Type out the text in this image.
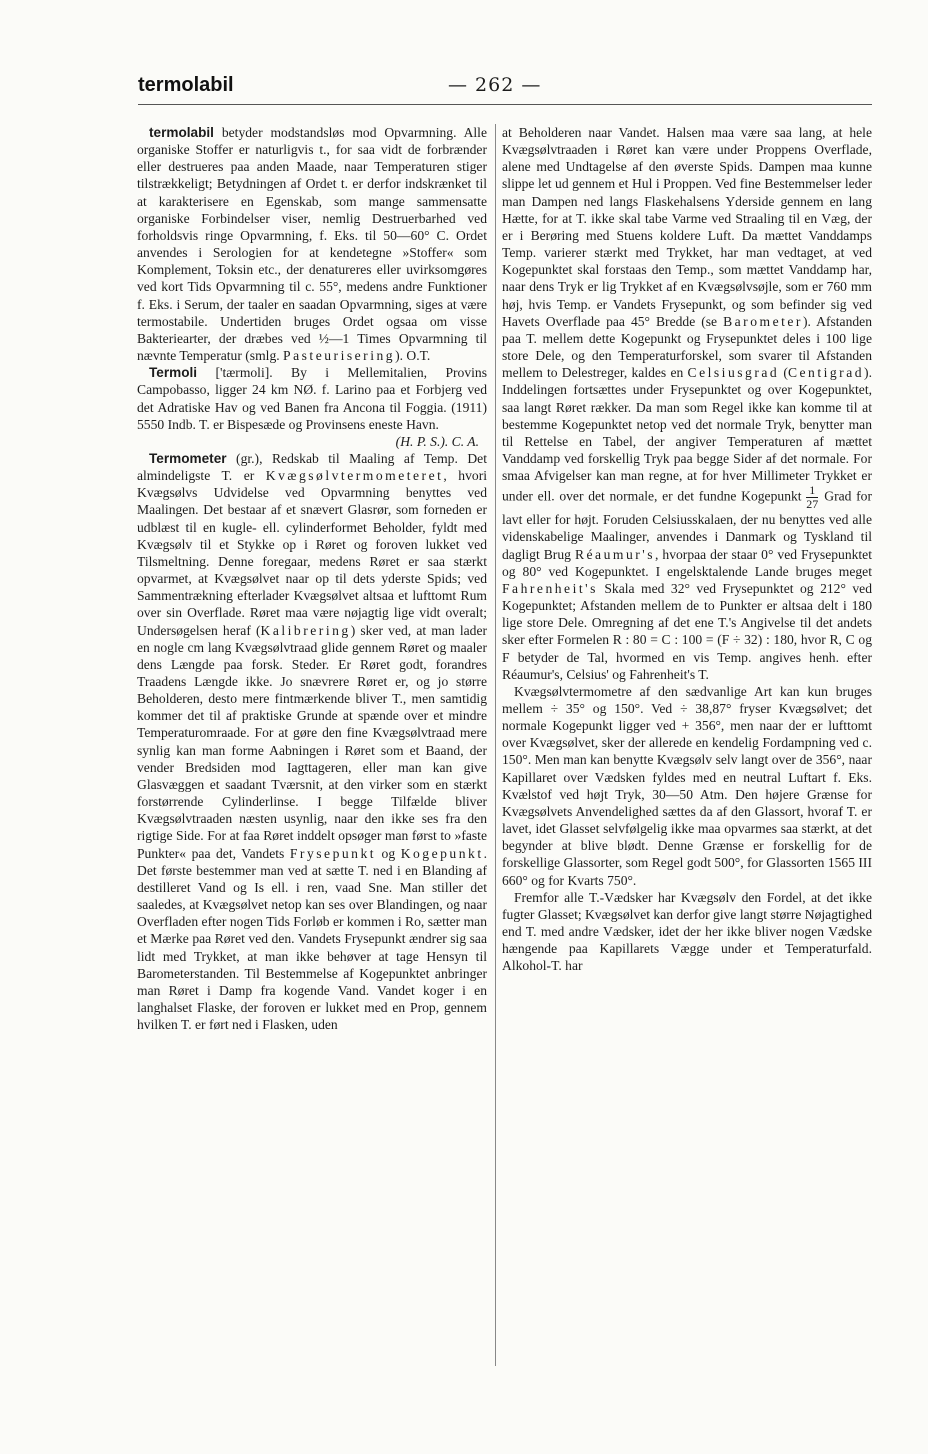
termolabil	— 262 —

termolabil betyder modstandsløs mod Opvarmning. Alle organiske Stoffer er naturligvis t., for saa vidt de forbrænder eller destrueres paa anden Maade, naar Temperaturen stiger tilstrækkeligt; Betydningen af Ordet t. er derfor indskrænket til at karakterisere en Egenskab, som mange sammensatte organiske Forbindelser viser, nemlig Destruerbarhed ved forholdsvis ringe Opvarmning, f. Eks. til 50—60° C. Ordet anvendes i Serologien for at kendetegne »Stoffer« som Komplement, Toksin etc., der denatureres eller uvirksomgøres ved kort Tids Opvarmning til c. 55°, medens andre Funktioner f. Eks. i Serum, der taaler en saadan Opvarmning, siges at være termostabile. Undertiden bruges Ordet ogsaa om visse Bakteriearter, der dræbes ved ½—1 Times Opvarmning til nævnte Temperatur (smlg. Pasteurisering). O.T.

Termoli ['tærmoli]. By i Mellemitalien, Provins Campobasso, ligger 24 km NØ. f. Larino paa et Forbjerg ved det Adratiske Hav og ved Banen fra Ancona til Foggia. (1911) 5550 Indb. T. er Bispesæde og Provinsens eneste Havn.

(H. P. S.). C. A.

Termometer (gr.), Redskab til Maaling af Temp. Det almindeligste T. er Kvægsølvtermometeret, hvori Kvægsølvs Udvidelse ved Opvarmning benyttes ved Maalingen. Det bestaar af et snævert Glasrør, som forneden er udblæst til en kugle- ell. cylinderformet Beholder, fyldt med Kvægsølv til et Stykke op i Røret og foroven lukket ved Tilsmeltning. Denne foregaar, medens Røret er saa stærkt opvarmet, at Kvægsølvet naar op til dets yderste Spids; ved Sammentrækning efterlader Kvægsølvet altsaa et lufttomt Rum over sin Overflade. Røret maa være nøjagtig lige vidt overalt; Undersøgelsen heraf (Kalibrering) sker ved, at man lader en nogle cm lang Kvægsølvtraad glide gennem Røret og maaler dens Længde paa forsk. Steder. Er Røret godt, forandres Traadens Længde ikke. Jo snævrere Røret er, og jo større Beholderen, desto mere fintmærkende bliver T., men samtidig kommer det til af praktiske Grunde at spænde over et mindre Temperaturomraade. For at gøre den fine Kvægsølvtraad mere synlig kan man forme Aabningen i Røret som et Baand, der vender Bredsiden mod Iagttageren, eller man kan give Glasvæggen et saadant Tværsnit, at den virker som en stærkt forstørrende Cylinderlinse. I begge Tilfælde bliver Kvægsølvtraaden næsten usynlig, naar den ikke ses fra den rigtige Side. For at faa Røret inddelt opsøger man først to »faste Punkter« paa det, Vandets Frysepunkt og Kogepunkt. Det første bestemmer man ved at sætte T. ned i en Blanding af destilleret Vand og Is ell. i ren, vaad Sne. Man stiller det saaledes, at Kvægsølvet netop kan ses over Blandingen, og naar Overfladen efter nogen Tids Forløb er kommen i Ro, sætter man et Mærke paa Røret ved den. Vandets Frysepunkt ændrer sig saa lidt med Trykket, at man ikke behøver at tage Hensyn til Barometerstanden. Til Bestemmelse af Kogepunktet anbringer man Røret i Damp fra kogende Vand. Vandet koger i en langhalset Flaske, der foroven er lukket med en Prop, gennem hvilken T. er ført ned i Flasken, uden

at Beholderen naar Vandet. Halsen maa være saa lang, at hele Kvægsølvtraaden i Røret kan være under Proppens Overflade, alene med Undtagelse af den øverste Spids. Dampen maa kunne slippe let ud gennem et Hul i Proppen. Ved fine Bestemmelser leder man Dampen ned langs Flaskehalsens Yderside gennem en lang Hætte, for at T. ikke skal tabe Varme ved Straaling til en Væg, der er i Berøring med Stuens koldere Luft. Da mættet Vanddamps Temp. varierer stærkt med Trykket, har man vedtaget, at ved Kogepunktet skal forstaas den Temp., som mættet Vanddamp har, naar dens Tryk er lig Trykket af en Kvægsølvsøjle, som er 760 mm høj, hvis Temp. er Vandets Frysepunkt, og som befinder sig ved Havets Overflade paa 45° Bredde (se Barometer). Afstanden paa T. mellem dette Kogepunkt og Frysepunktet deles i 100 lige store Dele, og den Temperaturforskel, som svarer til Afstanden mellem to Delestreger, kaldes en Celsiusgrad (Centigrad). Inddelingen fortsættes under Frysepunktet og over Kogepunktet, saa langt Røret rækker. Da man som Regel ikke kan komme til at bestemme Kogepunktet netop ved det normale Tryk, benytter man til Rettelse en Tabel, der angiver Temperaturen af mættet Vanddamp ved forskellig Tryk paa begge Sider af det normale. For smaa Afvigelser kan man regne, at for hver Millimeter Trykket er under ell. over det normale, er det fundne Kogepunkt $\frac{1}{27}$ Grad for lavt eller for højt. Foruden Celsiusskalaen, der nu benyttes ved alle videnskabelige Maalinger, anvendes i Danmark og Tyskland til dagligt Brug Réaumur's, hvorpaa der staar 0° ved Frysepunktet og 80° ved Kogepunktet. I engelsktalende Lande bruges meget Fahrenheit's Skala med 32° ved Frysepunktet og 212° ved Kogepunktet; Afstanden mellem de to Punkter er altsaa delt i 180 lige store Dele. Omregning af det ene T.'s Angivelse til det andets sker efter Formelen R : 80 = C : 100 = (F ÷ 32) : 180, hvor R, C og F betyder de Tal, hvormed en vis Temp. angives henh. efter Réaumur's, Celsius' og Fahrenheit's T.

Kvægsølvtermometre af den sædvanlige Art kan kun bruges mellem ÷ 35° og 150°. Ved ÷ 38,87° fryser Kvægsølvet; det normale Kogepunkt ligger ved + 356°, men naar der er lufttomt over Kvægsølvet, sker der allerede en kendelig Fordampning ved c. 150°. Men man kan benytte Kvægsølv selv langt over de 356°, naar Kapillaret over Vædsken fyldes med en neutral Luftart f. Eks. Kvælstof ved højt Tryk, 30—50 Atm. Den højere Grænse for Kvægsølvets Anvendelighed sættes da af den Glassort, hvoraf T. er lavet, idet Glasset selvfølgelig ikke maa opvarmes saa stærkt, at det begynder at blive blødt. Denne Grænse er forskellig for de forskellige Glassorter, som Regel godt 500°, for Glassorten 1565 III 660° og for Kvarts 750°.

Fremfor alle T.-Vædsker har Kvægsølv den Fordel, at det ikke fugter Glasset; Kvægsølvet kan derfor give langt større Nøjagtighed end T. med andre Vædsker, idet der her ikke bliver nogen Vædske hængende paa Kapillarets Vægge under et Temperaturfald. Alkohol-T. har
